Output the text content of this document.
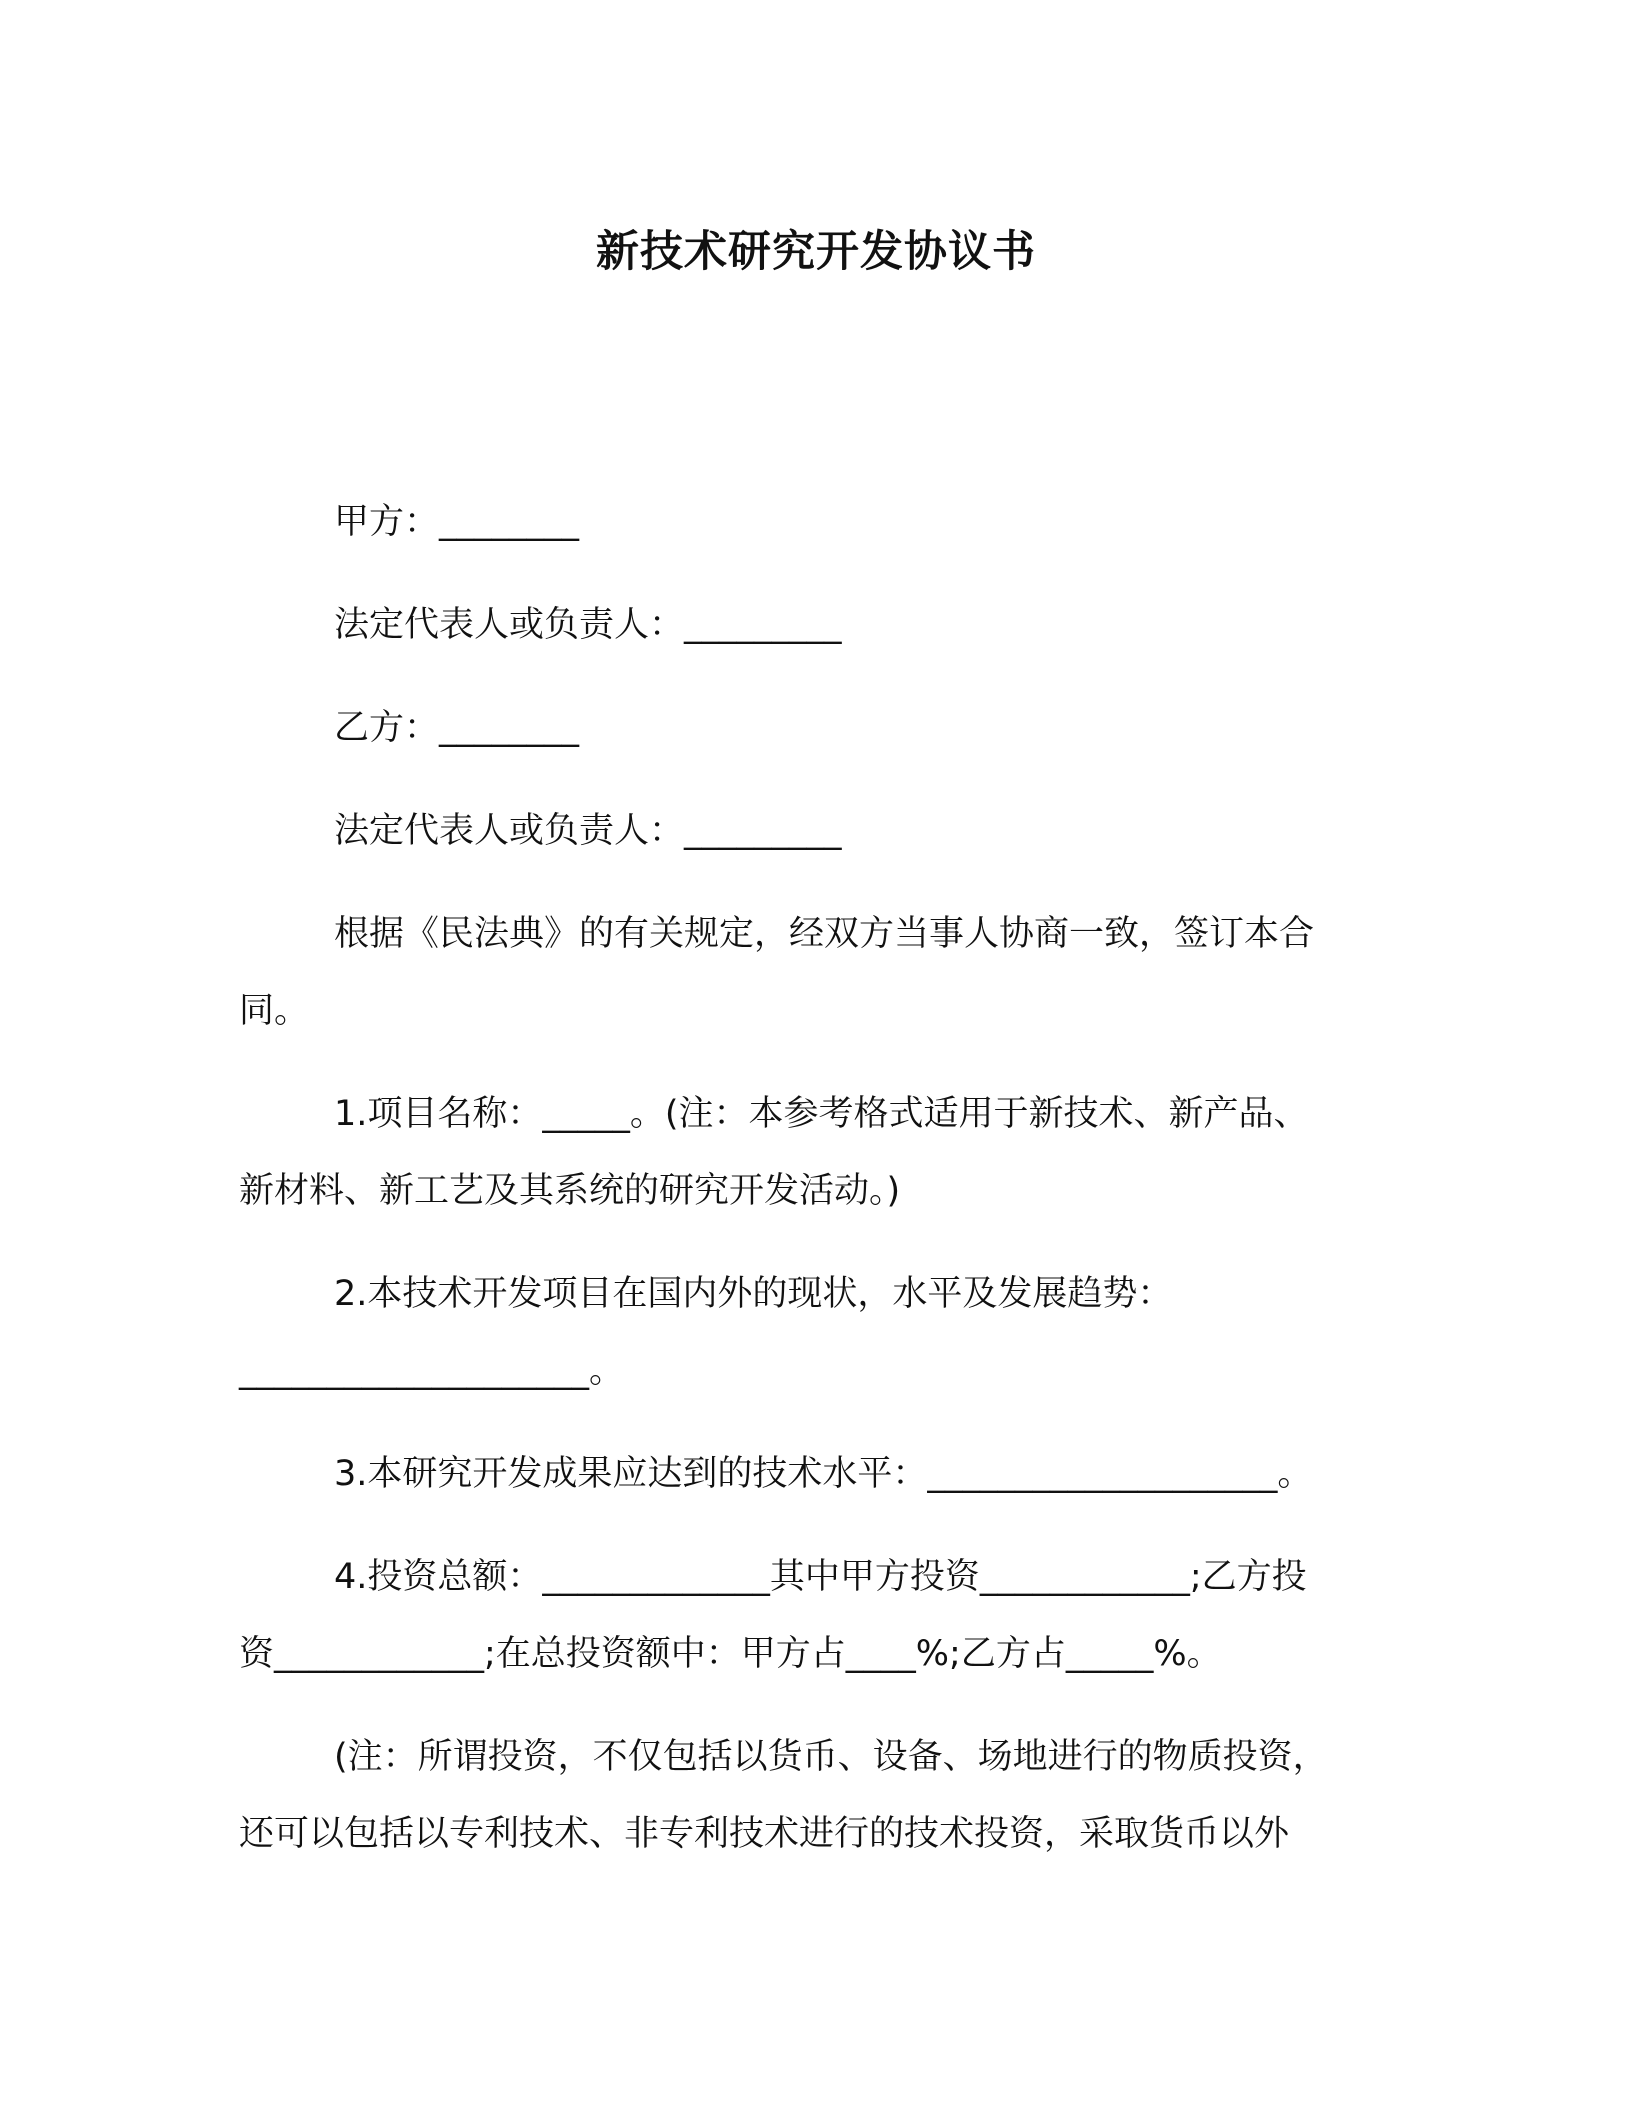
新技术研究开发协议书
甲方：________
法定代表人或负责人：_________
乙方：________
法定代表人或负责人：_________
根据《民法典》的有关规定，经双方当事人协商一致，签订本合
同。
1.项目名称：_____。(注：本参考格式适用于新技术、新产品、
新材料、新工艺及其系统的研究开发活动。)
2.本技术开发项目在国内外的现状，水平及发展趋势：
____________________。
3.本研究开发成果应达到的技术水平：____________________。
4.投资总额：_____________其中甲方投资____________;乙方投
资____________;在总投资额中：甲方占____%;乙方占_____%。
(注：所谓投资，不仅包括以货币、设备、场地进行的物质投资，
还可以包括以专利技术、非专利技术进行的技术投资，采取货币以外
